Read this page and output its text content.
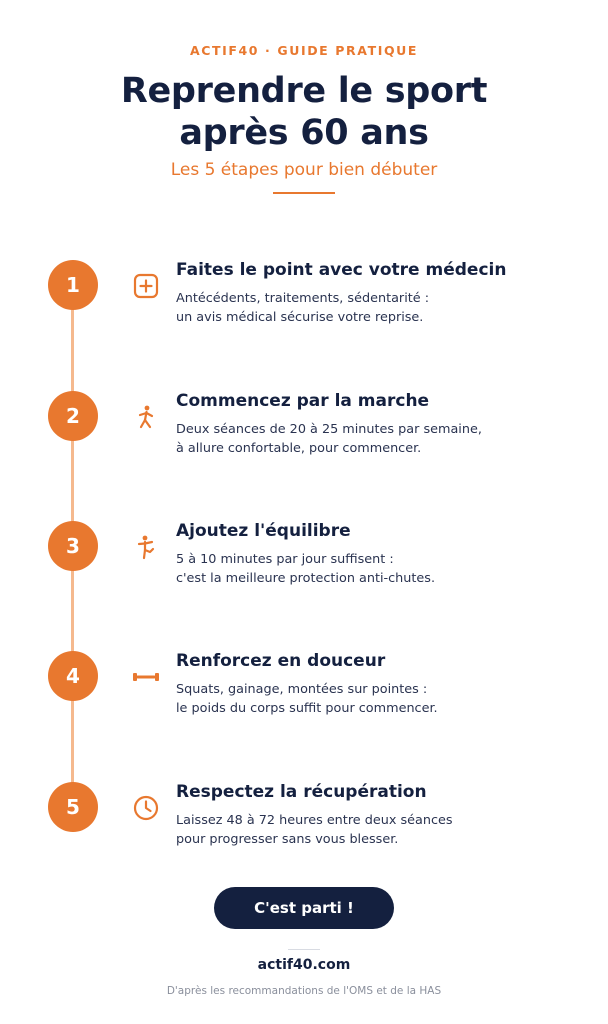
ACTIF40 · GUIDE PRATIQUE
Reprendre le sport
après 60 ans
Les 5 étapes pour bien débuter
1
Faites le point avec votre médecin
Antécédents, traitements, sédentarité :
un avis médical sécurise votre reprise.
2
Commencez par la marche
Deux séances de 20 à 25 minutes par semaine,
à allure confortable, pour commencer.
3
Ajoutez l'équilibre
5 à 10 minutes par jour suffisent :
c'est la meilleure protection anti-chutes.
4
Renforcez en douceur
Squats, gainage, montées sur pointes :
le poids du corps suffit pour commencer.
5
Respectez la récupération
Laissez 48 à 72 heures entre deux séances
pour progresser sans vous blesser.
C'est parti !
actif40.com
D'après les recommandations de l'OMS et de la HAS
